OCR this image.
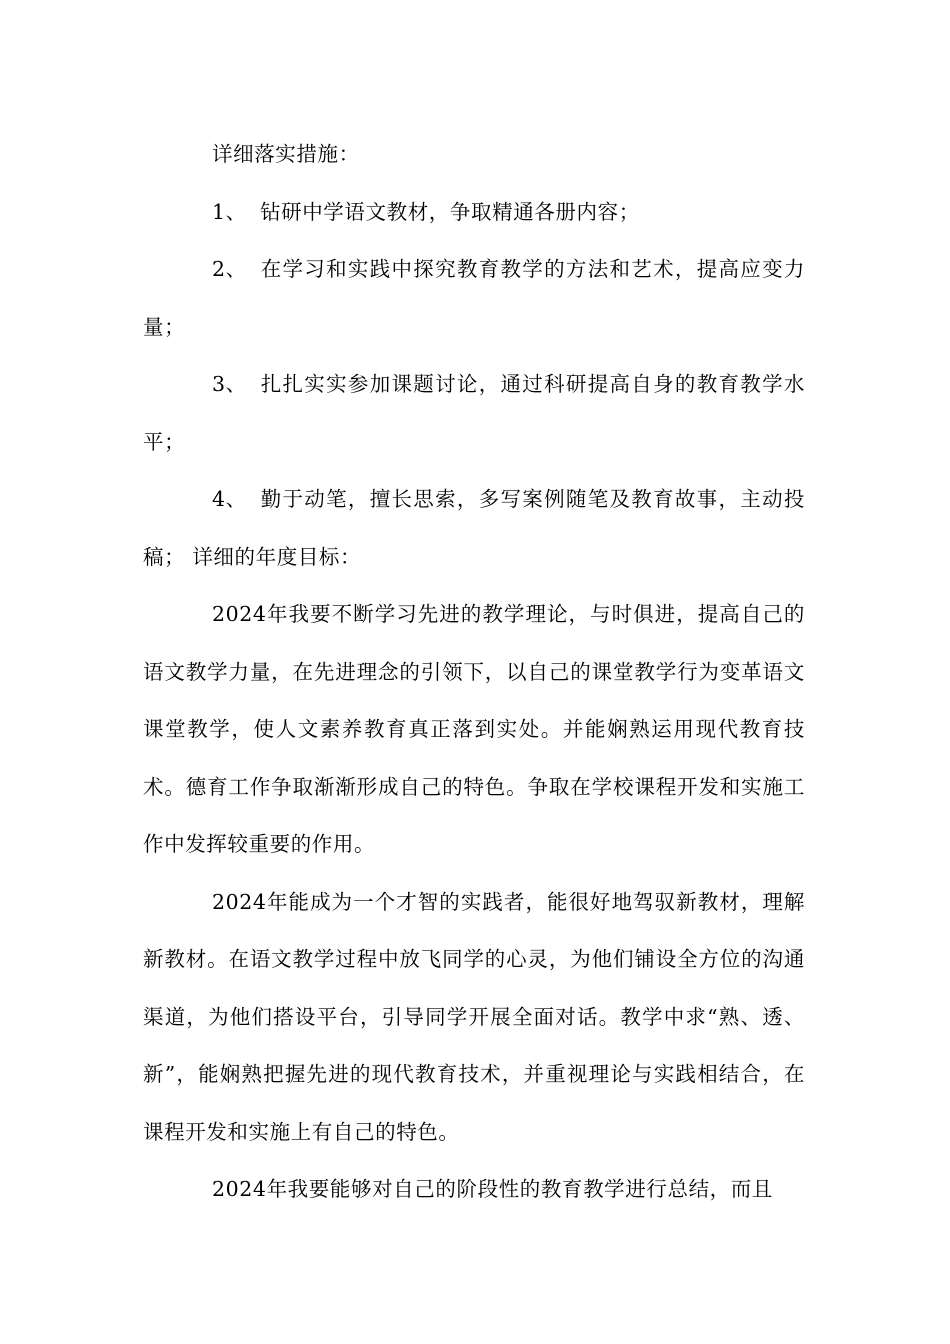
详细落实措施：

1、 钻研中学语文教材，争取精通各册内容；

2、 在学习和实践中探究教育教学的方法和艺术，提高应变力量；

3、 扎扎实实参加课题讨论，通过科研提高自身的教育教学水平；

4、 勤于动笔，擅长思索，多写案例随笔及教育故事，主动投稿； 详细的年度目标：

2024年我要不断学习先进的教学理论，与时俱进，提高自己的语文教学力量，在先进理念的引领下，以自己的课堂教学行为变革语文课堂教学，使人文素养教育真正落到实处。并能娴熟运用现代教育技术。德育工作争取渐渐形成自己的特色。争取在学校课程开发和实施工作中发挥较重要的作用。

2024年能成为一个才智的实践者，能很好地驾驭新教材，理解新教材。在语文教学过程中放飞同学的心灵，为他们铺设全方位的沟通渠道，为他们搭设平台，引导同学开展全面对话。教学中求“熟、透、新”，能娴熟把握先进的现代教育技术，并重视理论与实践相结合，在课程开发和实施上有自己的特色。

2024年我要能够对自己的阶段性的教育教学进行总结，而且
